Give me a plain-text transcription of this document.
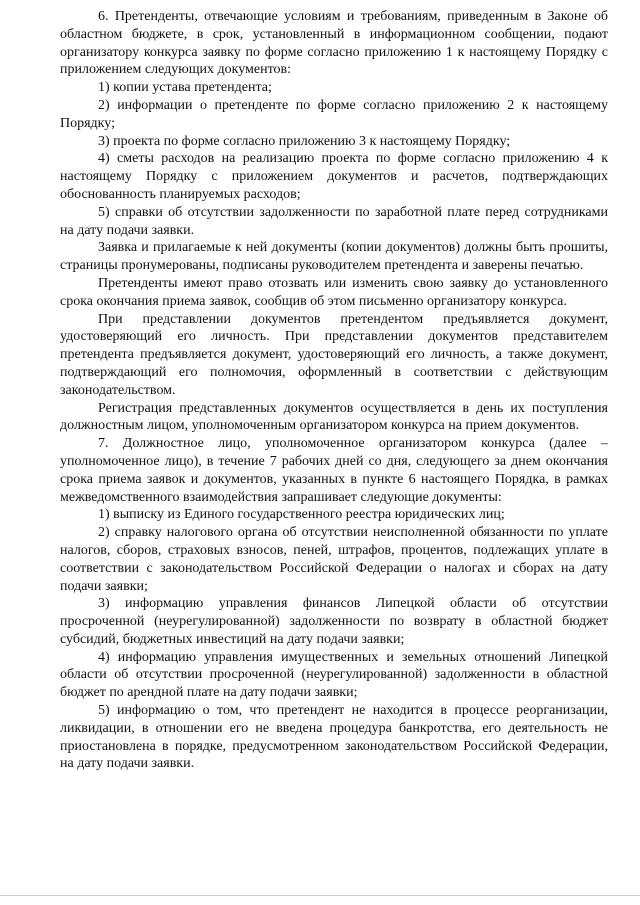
6. Претенденты, отвечающие условиям и требованиям, приведенным в Законе об областном бюджете, в срок, установленный в информационном сообщении, подают организатору конкурса заявку по форме согласно приложению 1 к настоящему Порядку с приложением следующих документов:

1) копии устава претендента;

2) информации о претенденте по форме согласно приложению 2 к настоящему Порядку;

3) проекта по форме согласно приложению 3 к настоящему Порядку;

4) сметы расходов на реализацию проекта по форме согласно приложению 4 к настоящему Порядку с приложением документов и расчетов, подтверждающих обоснованность планируемых расходов;

5) справки об отсутствии задолженности по заработной плате перед сотрудниками на дату подачи заявки.

Заявка и прилагаемые к ней документы (копии документов) должны быть прошиты, страницы пронумерованы, подписаны руководителем претендента и заверены печатью.

Претенденты имеют право отозвать или изменить свою заявку до установленного срока окончания приема заявок, сообщив об этом письменно организатору конкурса.

При представлении документов претендентом предъявляется документ, удостоверяющий его личность. При представлении документов представителем претендента предъявляется документ, удостоверяющий его личность, а также документ, подтверждающий его полномочия, оформленный в соответствии с действующим законодательством.

Регистрация представленных документов осуществляется в день их поступления должностным лицом, уполномоченным организатором конкурса на прием документов.

7. Должностное лицо, уполномоченное организатором конкурса (далее – уполномоченное лицо), в течение 7 рабочих дней со дня, следующего за днем окончания срока приема заявок и документов, указанных в пункте 6 настоящего Порядка, в рамках межведомственного взаимодействия запрашивает следующие документы:

1) выписку из Единого государственного реестра юридических лиц;

2) справку налогового органа об отсутствии неисполненной обязанности по уплате налогов, сборов, страховых взносов, пеней, штрафов, процентов, подлежащих уплате в соответствии с законодательством Российской Федерации о налогах и сборах на дату подачи заявки;

3) информацию управления финансов Липецкой области об отсутствии просроченной (неурегулированной) задолженности по возврату в областной бюджет субсидий, бюджетных инвестиций на дату подачи заявки;

4) информацию управления имущественных и земельных отношений Липецкой области об отсутствии просроченной (неурегулированной) задолженности в областной бюджет по арендной плате на дату подачи заявки;

5) информацию о том, что претендент не находится в процессе реорганизации, ликвидации, в отношении его не введена процедура банкротства, его деятельность не приостановлена в порядке, предусмотренном законодательством Российской Федерации, на дату подачи заявки.
